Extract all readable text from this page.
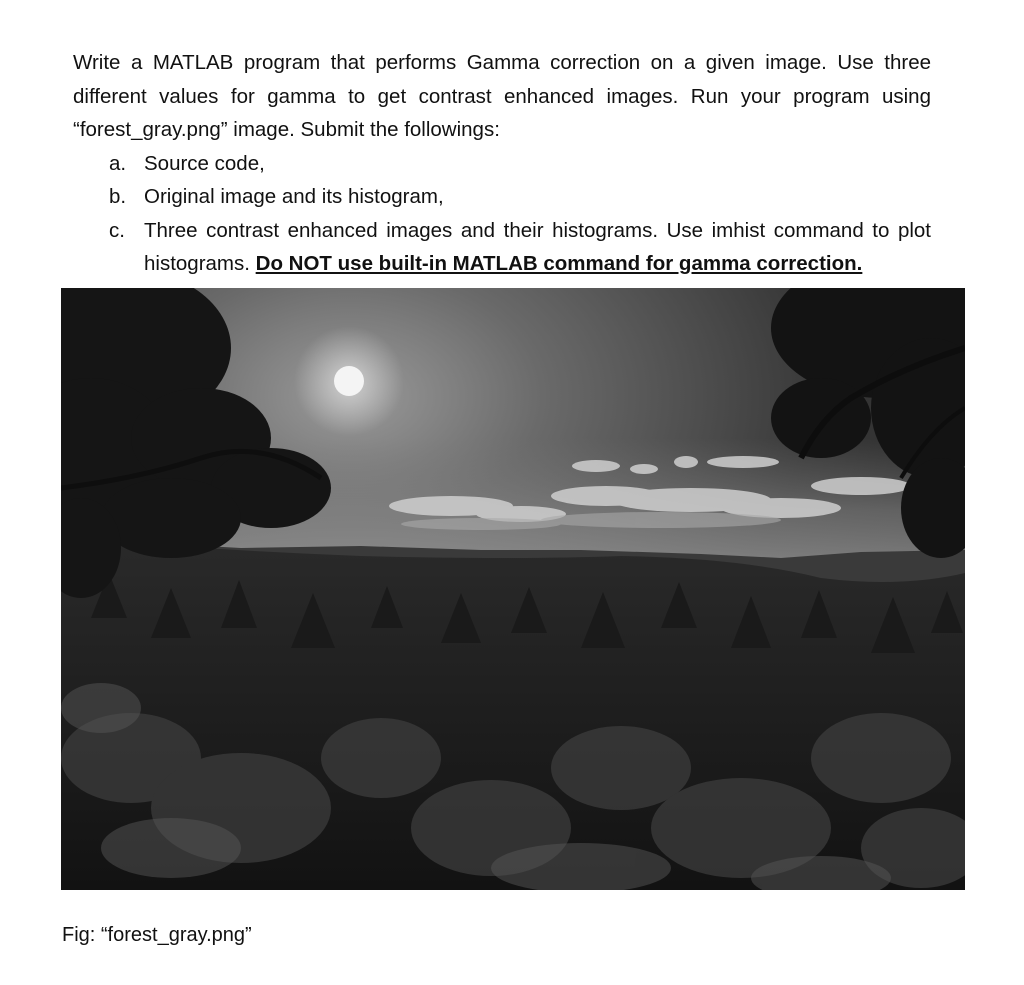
Write a MATLAB program that performs Gamma correction on a given image. Use three different values for gamma to get contrast enhanced images. Run your program using “forest_gray.png” image. Submit the followings:

a. Source code,
b. Original image and its histogram,
c. Three contrast enhanced images and their histograms. Use imhist command to plot histograms. Do NOT use built-in MATLAB command for gamma correction.
Fig: “forest_gray.png”
